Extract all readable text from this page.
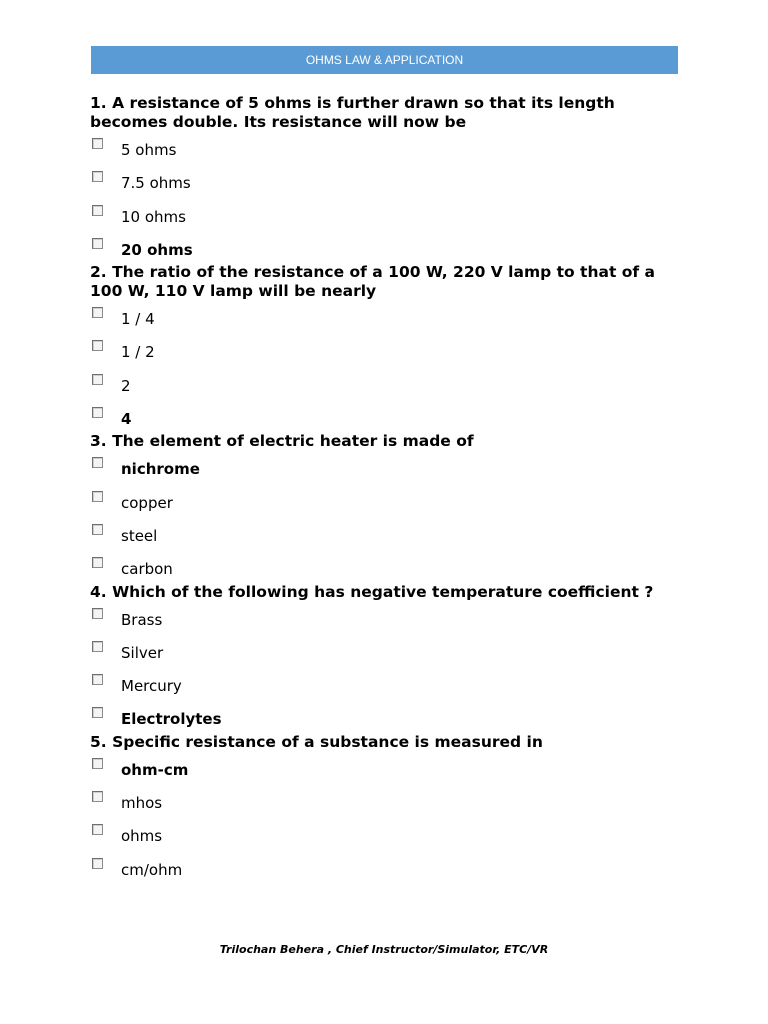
OHMS LAW & APPLICATION
1. A resistance of 5 ohms is further drawn so that its length becomes double. Its resistance will now be
5 ohms
7.5 ohms
10 ohms
20 ohms
2. The ratio of the resistance of a 100 W, 220 V lamp to that of a 100 W, 110 V lamp will be nearly
1 / 4
1 / 2
2
4
3. The element of electric heater is made of
nichrome
copper
steel
carbon
4. Which of the following has negative temperature coefficient ?
Brass
Silver
Mercury
Electrolytes
5. Specific resistance of a substance is measured in
ohm-cm
mhos
ohms
cm/ohm
Trilochan Behera , Chief Instructor/Simulator, ETC/VR
